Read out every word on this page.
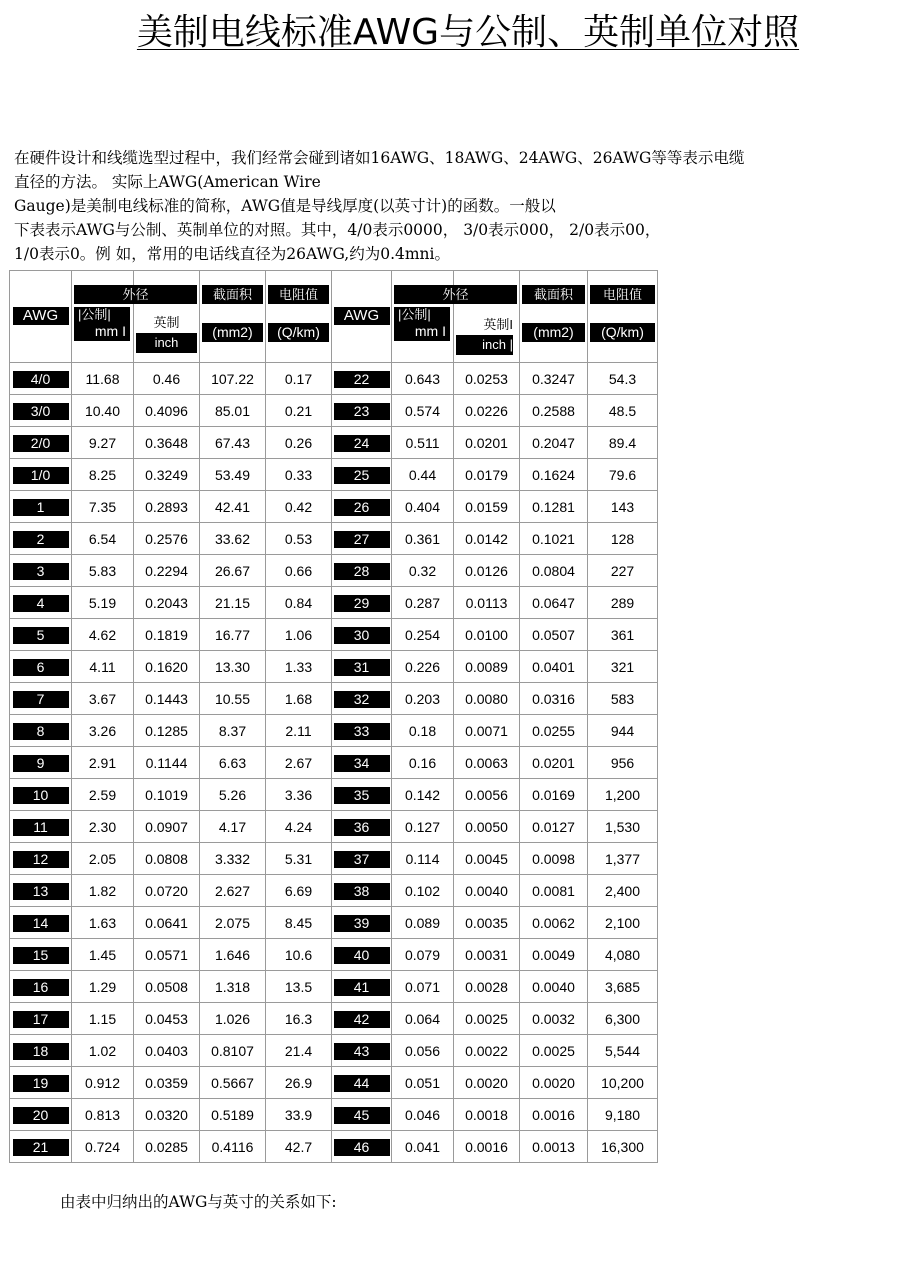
美制电线标准AWG与公制、英制单位对照
在硬件设计和线缆选型过程中，我们经常会碰到诸如16AWG、18AWG、24AWG、26AWG等等表示电缆
直径的方法。 实际上AWG(American Wire
Gauge)是美制电线标准的简称，AWG值是导线厚度(以英寸计)的函数。一般以
下表表示AWG与公制、英制单位的对照。其中，4/0表示0000， 3/0表示000， 2/0表示00，
1/0表示0。例 如，常用的电话线直径为26AWG,约为0.4mni。
AWG	外径
|公制|
mm I	英制
inch	截面积
(mm2)	电阻值
(Q/km)	AWG	外径
|公制|
mm I	英制I
inch |	截面积
(mm2)	电阻值
(Q/km)

4/0	11.68	0.46	107.22	0.17	22	0.643	0.0253	0.3247	54.3
3/0	10.40	0.4096	85.01	0.21	23	0.574	0.0226	0.2588	48.5
2/0	9.27	0.3648	67.43	0.26	24	0.511	0.0201	0.2047	89.4
1/0	8.25	0.3249	53.49	0.33	25	0.44	0.0179	0.1624	79.6
1	7.35	0.2893	42.41	0.42	26	0.404	0.0159	0.1281	143
2	6.54	0.2576	33.62	0.53	27	0.361	0.0142	0.1021	128
3	5.83	0.2294	26.67	0.66	28	0.32	0.0126	0.0804	227
4	5.19	0.2043	21.15	0.84	29	0.287	0.0113	0.0647	289
5	4.62	0.1819	16.77	1.06	30	0.254	0.0100	0.0507	361
6	4.11	0.1620	13.30	1.33	31	0.226	0.0089	0.0401	321
7	3.67	0.1443	10.55	1.68	32	0.203	0.0080	0.0316	583
8	3.26	0.1285	8.37	2.11	33	0.18	0.0071	0.0255	944
9	2.91	0.1144	6.63	2.67	34	0.16	0.0063	0.0201	956
10	2.59	0.1019	5.26	3.36	35	0.142	0.0056	0.0169	1,200
11	2.30	0.0907	4.17	4.24	36	0.127	0.0050	0.0127	1,530
12	2.05	0.0808	3.332	5.31	37	0.114	0.0045	0.0098	1,377
13	1.82	0.0720	2.627	6.69	38	0.102	0.0040	0.0081	2,400
14	1.63	0.0641	2.075	8.45	39	0.089	0.0035	0.0062	2,100
15	1.45	0.0571	1.646	10.6	40	0.079	0.0031	0.0049	4,080
16	1.29	0.0508	1.318	13.5	41	0.071	0.0028	0.0040	3,685
17	1.15	0.0453	1.026	16.3	42	0.064	0.0025	0.0032	6,300
18	1.02	0.0403	0.8107	21.4	43	0.056	0.0022	0.0025	5,544
19	0.912	0.0359	0.5667	26.9	44	0.051	0.0020	0.0020	10,200
20	0.813	0.0320	0.5189	33.9	45	0.046	0.0018	0.0016	9,180
21	0.724	0.0285	0.4116	42.7	46	0.041	0.0016	0.0013	16,300
由表中归纳出的AWG与英寸的关系如下:
